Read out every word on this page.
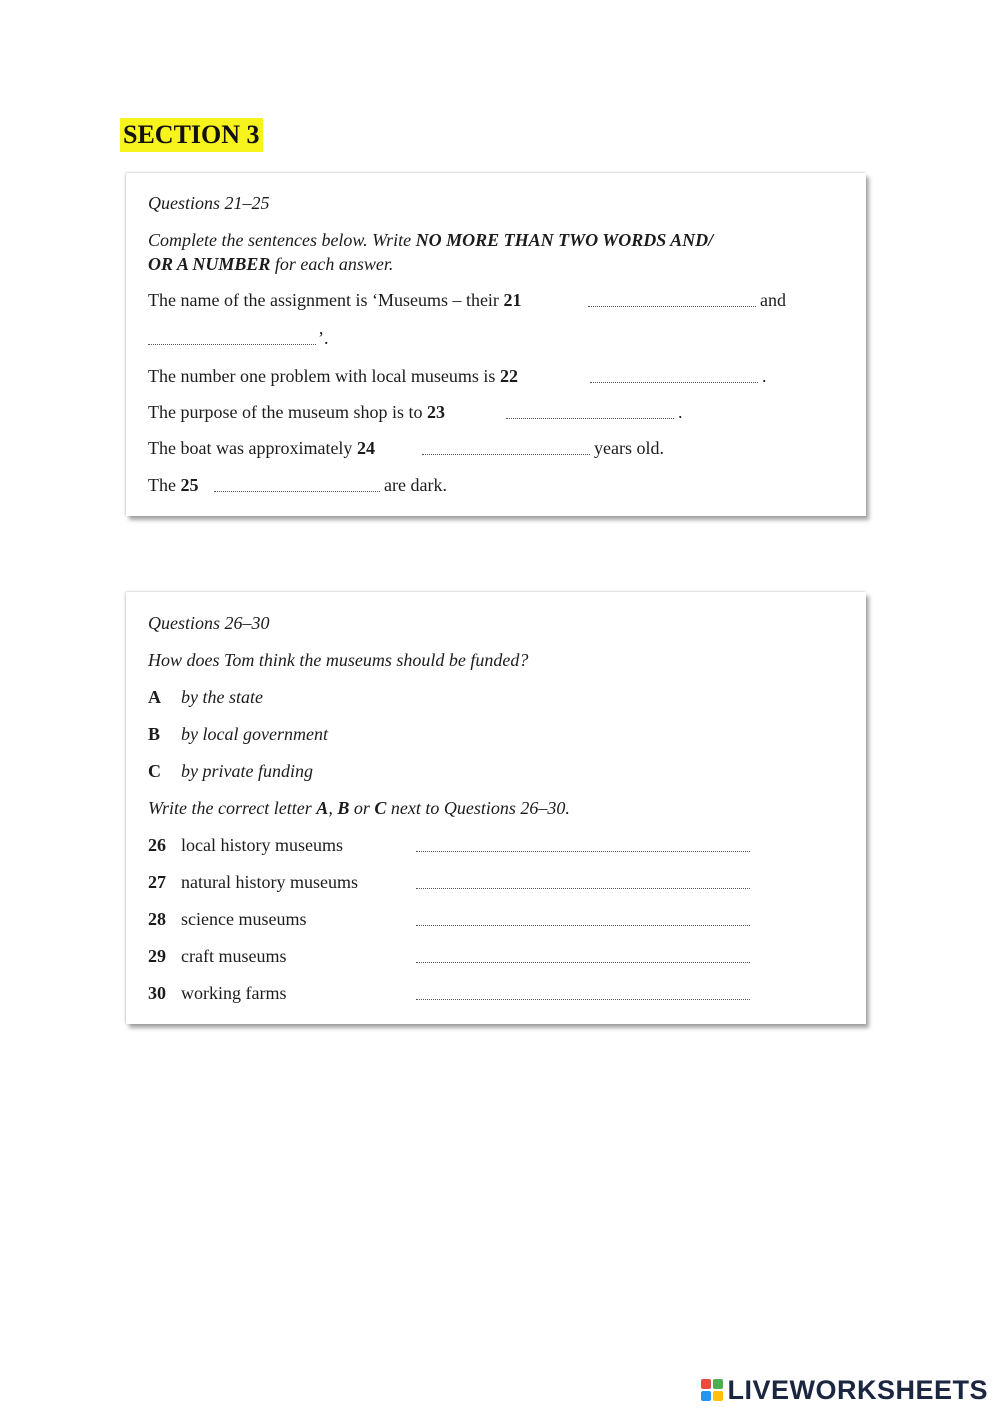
SECTION 3
Questions 21–25
Complete the sentences below. Write NO MORE THAN TWO WORDS AND/
OR A NUMBER for each answer.
The name of the assignment is ‘Museums – their 21	and
’.
The number one problem with local museums is 22	.
The purpose of the museum shop is to 23	.
The boat was approximately 24	years old.
The 25	are dark.
Questions 26–30
How does Tom think the museums should be funded?
A by the state
B by local government
C by private funding
Write the correct letter A, B or C next to Questions 26–30.
26 local history museums
27 natural history museums
28 science museums
29 craft museums
30 working farms
LIVEWORKSHEETS
